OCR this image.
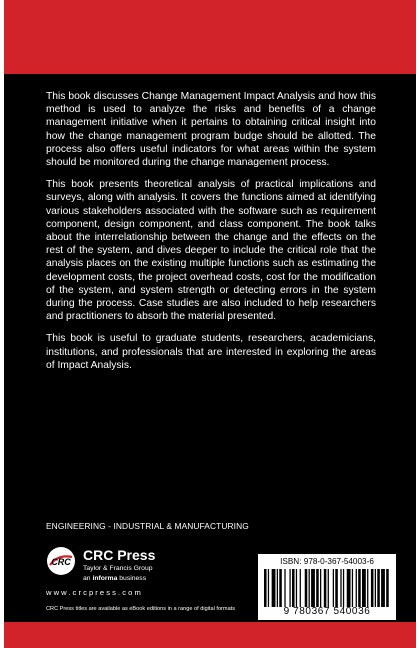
This book discusses Change Management Impact Analysis and how this method is used to analyze the risks and benefits of a change management initiative when it pertains to obtaining critical insight into how the change management program budge should be allotted. The process also offers useful indicators for what areas within the system should be monitored during the change management process.

This book presents theoretical analysis of practical implications and surveys, along with analysis. It covers the functions aimed at identifying various stakeholders associated with the software such as requirement component, design component, and class component. The book talks about the interrelationship between the change and the effects on the rest of the system, and dives deeper to include the critical role that the analysis places on the existing multiple functions such as estimating the development costs, the project overhead costs, cost for the modification of the system, and system strength or detecting errors in the system during the process. Case studies are also included to help researchers and practitioners to absorb the material presented.

This book is useful to graduate students, researchers, academicians, institutions, and professionals that are interested in exploring the areas of Impact Analysis.

ENGINEERING - INDUSTRIAL & MANUFACTURING
CRC CRC Press
Taylor & Francis Group
an informa business
www.crcpress.com
CRC Press titles are available as eBook editions in a range of digital formats
ISBN: 978-0-367-54003-6
9 780367 540036
